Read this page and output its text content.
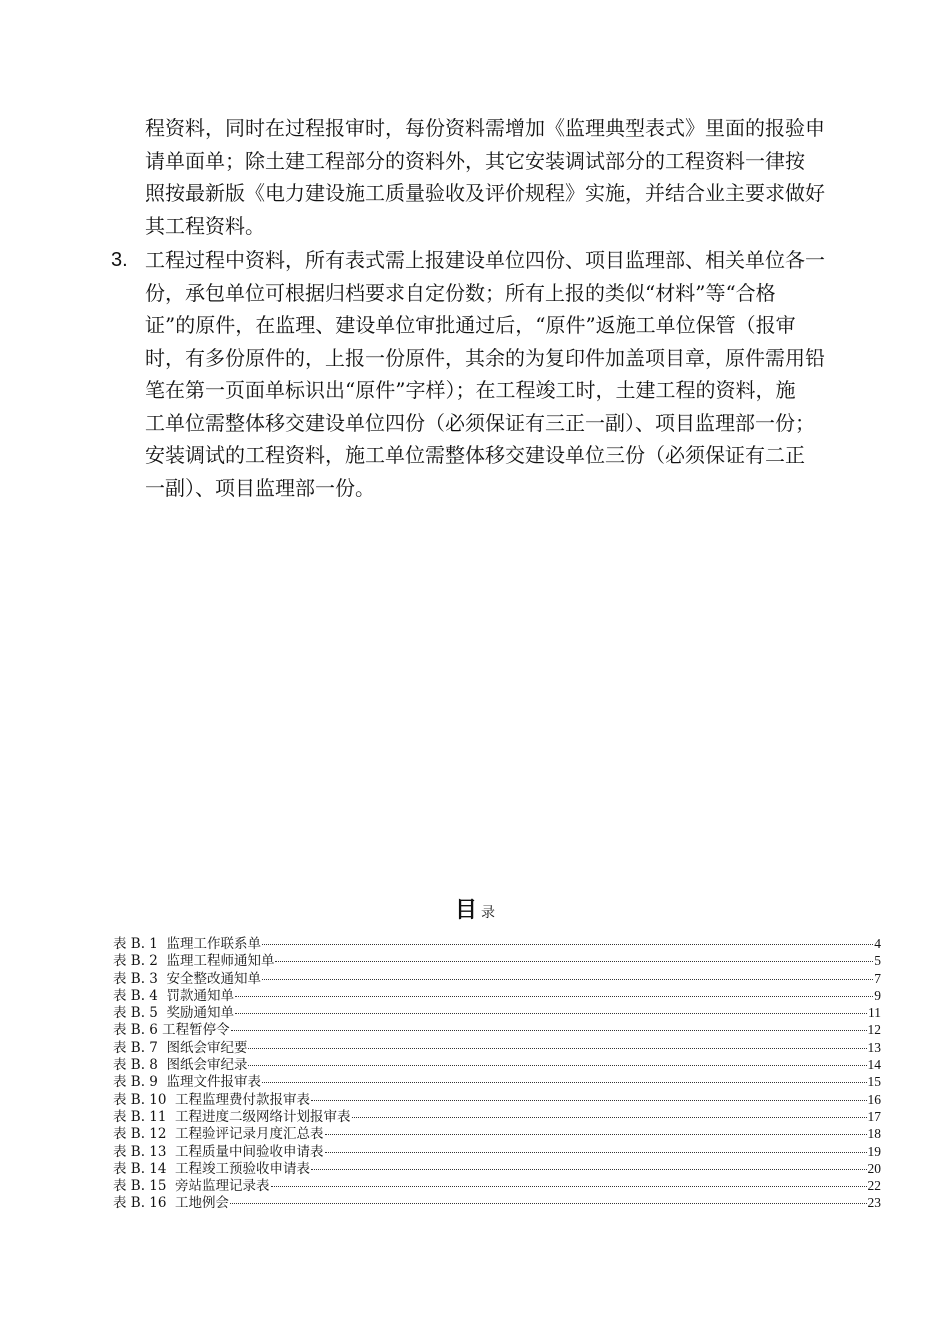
程资料，同时在过程报审时，每份资料需增加《监理典型表式》里面的报验申
请单面单；除土建工程部分的资料外，其它安装调试部分的工程资料一律按
照按最新版《电力建设施工质量验收及评价规程》实施，并结合业主要求做好
其工程资料。
3. 工程过程中资料，所有表式需上报建设单位四份、项目监理部、相关单位各一
份，承包单位可根据归档要求自定份数；所有上报的类似“材料”等“合格
证”的原件，在监理、建设单位审批通过后，“原件”返施工单位保管（报审
时，有多份原件的，上报一份原件，其余的为复印件加盖项目章，原件需用铅
笔在第一页面单标识出“原件”字样）；在工程竣工时，土建工程的资料，施
工单位需整体移交建设单位四份（必须保证有三正一副）、项目监理部一份；
安装调试的工程资料，施工单位需整体移交建设单位三份（必须保证有二正
一副）、项目监理部一份。
目录
表 B. 1  监理工作联系单	4
表 B. 2  监理工程师通知单	5
表 B. 3  安全整改通知单	7
表 B. 4  罚款通知单	9
表 B. 5  奖励通知单	11
表 B. 6 工程暂停令	12
表 B. 7  图纸会审纪要	13
表 B. 8  图纸会审纪录	14
表 B. 9  监理文件报审表	15
表 B. 10  工程监理费付款报审表	16
表 B. 11  工程进度二级网络计划报审表	17
表 B. 12  工程验评记录月度汇总表	18
表 B. 13  工程质量中间验收申请表	19
表 B. 14  工程竣工预验收申请表	20
表 B. 15  旁站监理记录表	22
表 B. 16  工地例会	23
